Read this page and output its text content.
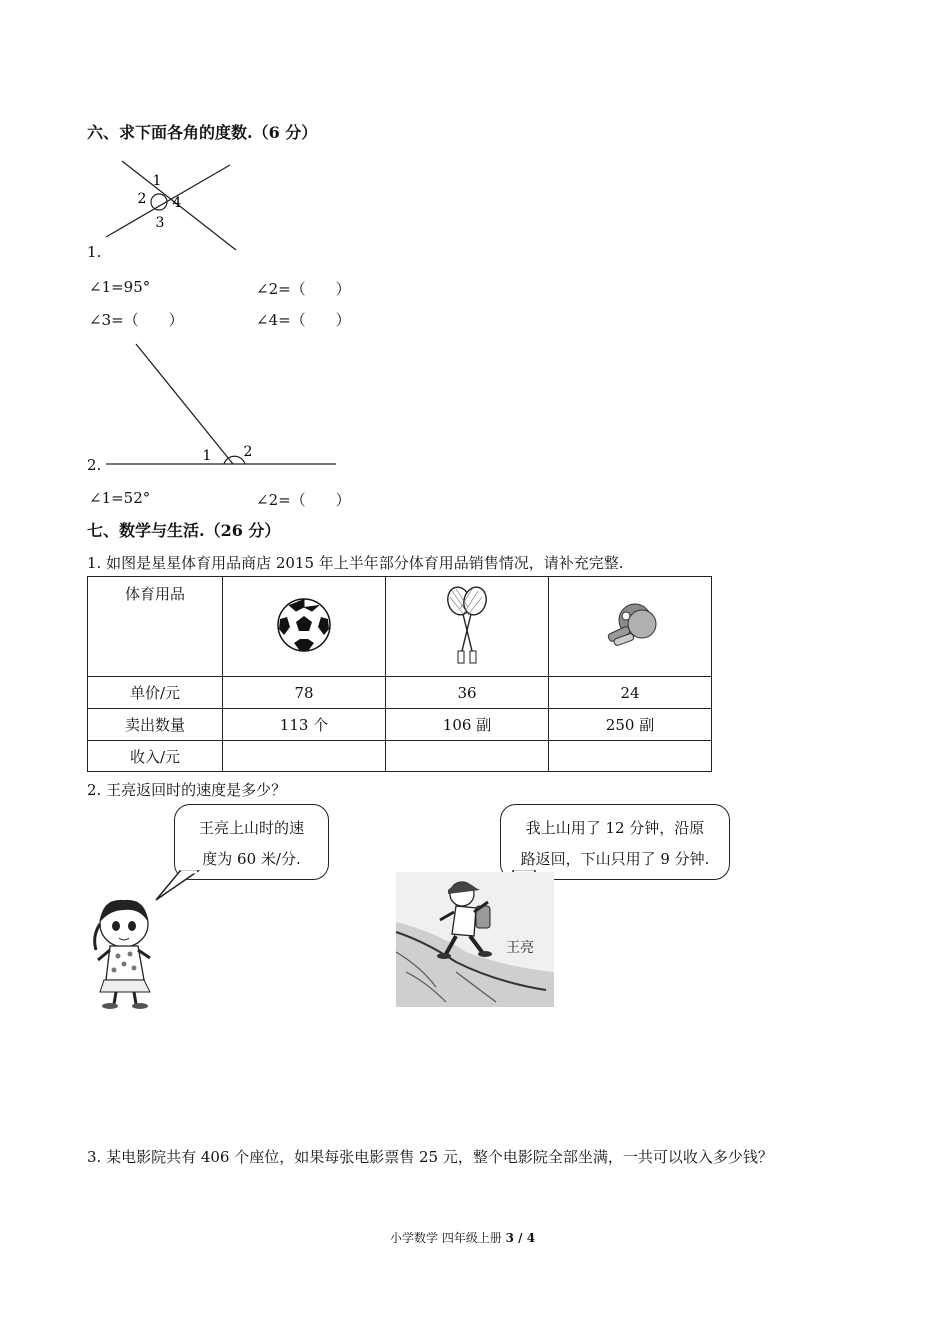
六、求下面各角的度数.（6 分）
1
2
3
4
1.
∠1=95°	∠2=（　　）
∠3=（　　）	∠4=（　　）
1 2
2.
∠1=52°	∠2=（　　）
七、数学与生活.（26 分）
1. 如图是星星体育用品商店 2015 年上半年部分体育用品销售情况，请补充完整.
体育用品			
单价/元	78	36	24
卖出数量	113 个	106 副	250 副
收入/元			
2. 王亮返回时的速度是多少？
王亮上山时的速
度为 60 米/分.
我上山用了 12 分钟，沿原
路返回，下山只用了 9 分钟.
王亮
3. 某电影院共有 406 个座位，如果每张电影票售 25 元，整个电影院全部坐满，一共可以收入多少钱？
小学数学 四年级上册 3 / 4
